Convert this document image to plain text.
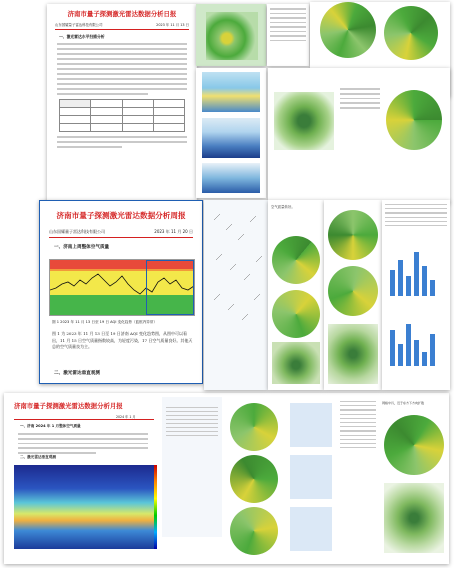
济南市量子探测激光雷达数据分析日报
山东国耀量子雷达科技有限公司	2023 年 11 月 13 日
一、激光雷达水平扫描分析

济南市量子探测激光雷达数据分析月报
2024 年 1 月
一、济南 2024 年 1 月整体空气质量
二、激光雷达垂直观测
网格中污，近于东方下方向扩散
济南市量子探测激光雷达数据分析周报
山东国耀量子雷达科技有限公司	2023 年 11 月 20 日
一、济南上周整体空气质量
图 1 2023 年 11 月 13 日至 19 日 AQI 变化趋势（蓝框内异常）
图 1 为 2023 年 11 月 13 日至 19 日济南 AQI 变化趋势图，从图中可以看出，11 月 15 日空气质量指数较高，为轻度污染，17 日空气质量良好。其他天总的空气质量良为主。
二、激光雷达垂直观测
空气质量转好。
